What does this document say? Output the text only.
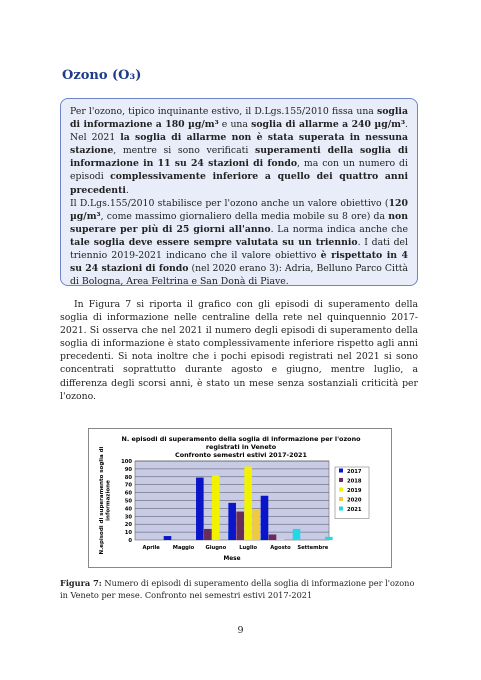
Ozono (O₃)

Per l'ozono, tipico inquinante estivo, il D.Lgs.155/2010 fissa una soglia di informazione a 180 µg/m³ e una soglia di allarme a 240 µg/m³. Nel 2021 la soglia di allarme non è stata superata in nessuna stazione, mentre si sono verificati superamenti della soglia di informazione in 11 su 24 stazioni di fondo, ma con un numero di episodi complessivamente inferiore a quello dei quattro anni precedenti.

Il D.Lgs.155/2010 stabilisce per l'ozono anche un valore obiettivo (120 µg/m³, come massimo giornaliero della media mobile su 8 ore) da non superare per più di 25 giorni all'anno. La norma indica anche che tale soglia deve essere sempre valutata su un triennio. I dati del triennio 2019-2021 indicano che il valore obiettivo è rispettato in 4 su 24 stazioni di fondo (nel 2020 erano 3): Adria, Belluno Parco Città di Bologna, Area Feltrina e San Donà di Piave.

In Figura 7 si riporta il grafico con gli episodi di superamento della soglia di informazione nelle centraline della rete nel quinquennio 2017-2021. Si osserva che nel 2021 il numero degli episodi di superamento della soglia di informazione è stato complessivamente inferiore rispetto agli anni precedenti. Si nota inoltre che i pochi episodi registrati nel 2021 si sono concentrati soprattutto durante agosto e giugno, mentre luglio, a differenza degli scorsi anni, è stato un mese senza sostanziali criticità per l'ozono.

N. episodi di superamento della soglia di informazione per l'ozono
registrati in Veneto
Confronto semestri estivi 2017-2021
0
10
20
30
40
50
60
70
80
90
100
Aprile Maggio Giugno	Luglio	Agosto Settembre
Mese
N.episodi di superamento soglia di informazione
2017
2018
2019
2020
2021

Figura 7: Numero di episodi di superamento della soglia di informazione per l'ozono in Veneto per mese. Confronto nei semestri estivi 2017-2021

9
